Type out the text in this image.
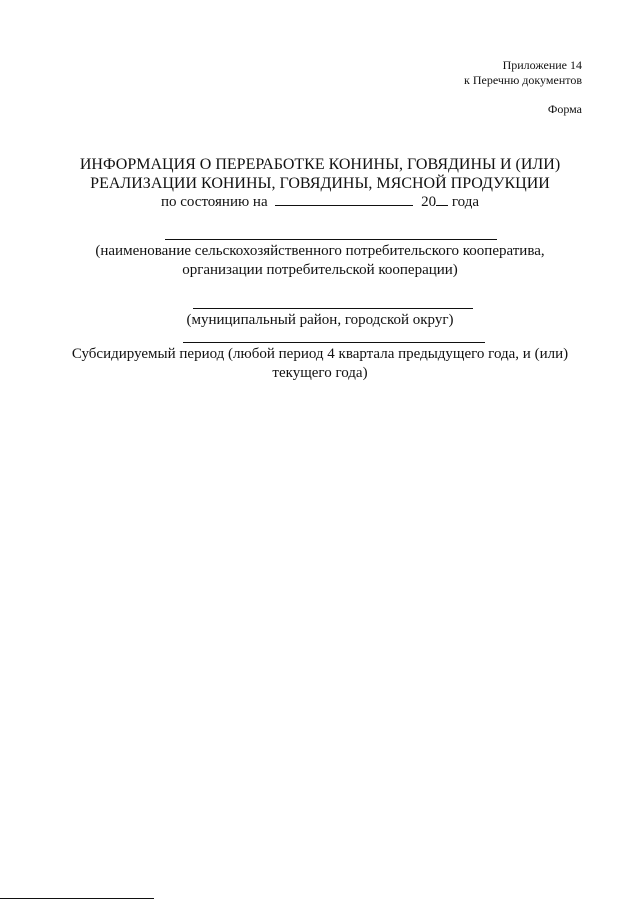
Приложение 14
к Перечню документов
Форма
ИНФОРМАЦИЯ О ПЕРЕРАБОТКЕ КОНИНЫ, ГОВЯДИНЫ И (ИЛИ)
РЕАЛИЗАЦИИ КОНИНЫ, ГОВЯДИНЫ, МЯСНОЙ ПРОДУКЦИИ
по состоянию на	20 года
(наименование сельскохозяйственного потребительского кооператива,
организации потребительской кооперации)
(муниципальный район, городской округ)
Субсидируемый период (любой период 4 квартала предыдущего года, и (или)
текущего года)
